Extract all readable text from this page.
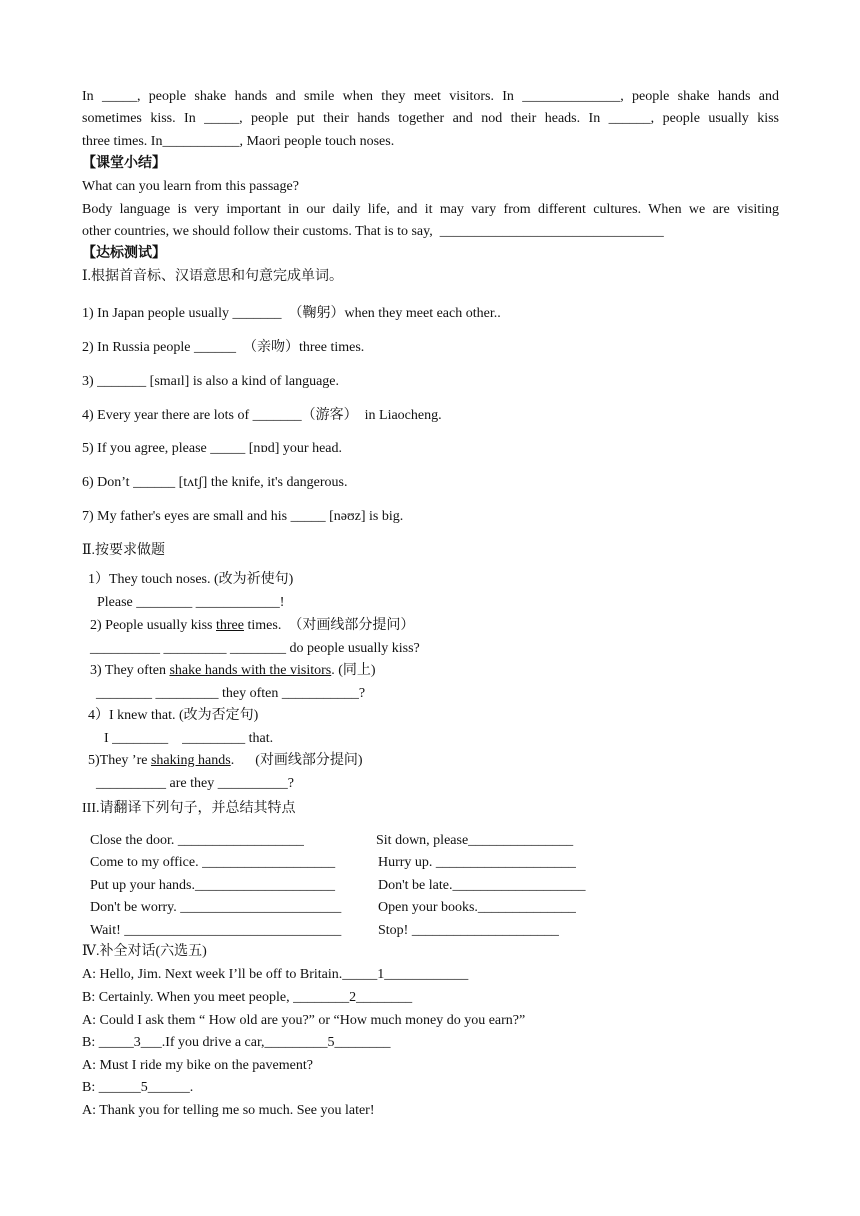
In _____, people shake hands and smile when they meet visitors. In ______________, people shake hands and
sometimes kiss. In _____, people put their hands together and nod their heads. In ______, people usually kiss
three times. In___________, Maori people touch noses.
【课堂小结】
What can you learn from this passage?
Body language is very important in our daily life, and it may vary from different cultures. When we are visiting
other countries, we should follow their customs. That is to say,  ________________________________
【达标测试】
Ⅰ.根据首音标、汉语意思和句意完成单词。
1) In Japan people usually _______  （鞠躬）when they meet each other..
2) In Russia people ______  （亲吻）three times.
3) _______ [smaɪl] is also a kind of language.
4) Every year there are lots of _______（游客）  in Liaocheng.
5) If you agree, please _____ [nɒd] your head.
6) Don’t ______ [tʌtʃ] the knife, it's dangerous.
7) My father's eyes are small and his _____ [nəʊz] is big.
Ⅱ.按要求做题
1）They touch noses. (改为祈使句)
Please ________ ____________!
2) People usually kiss three times.  （对画线部分提问）
__________ _________ ________ do people usually kiss?
3) They often shake hands with the visitors. (同上)
________ _________ they often ___________?
4）I knew that. (改为否定句)
I ________    _________ that.
5)They ’re shaking hands.      (对画线部分提问)
__________ are they __________?
III.请翻译下列句子，并总结其特点
Close the door. __________________
Come to my office. ___________________
Put up your hands.____________________
Don't be worry. _______________________
Wait! _______________________________
Sit down, please_______________
Hurry up. ____________________
Don't be late.___________________
Open your books.______________
Stop! _____________________
Ⅳ.补全对话(六选五)
A: Hello, Jim. Next week I’ll be off to Britain._____1____________
B: Certainly. When you meet people, ________2________
A: Could I ask them “ How old are you?” or “How much money do you earn?”
B: _____3___.If you drive a car,_________5________
A: Must I ride my bike on the pavement?
B: ______5______.
A: Thank you for telling me so much. See you later!
